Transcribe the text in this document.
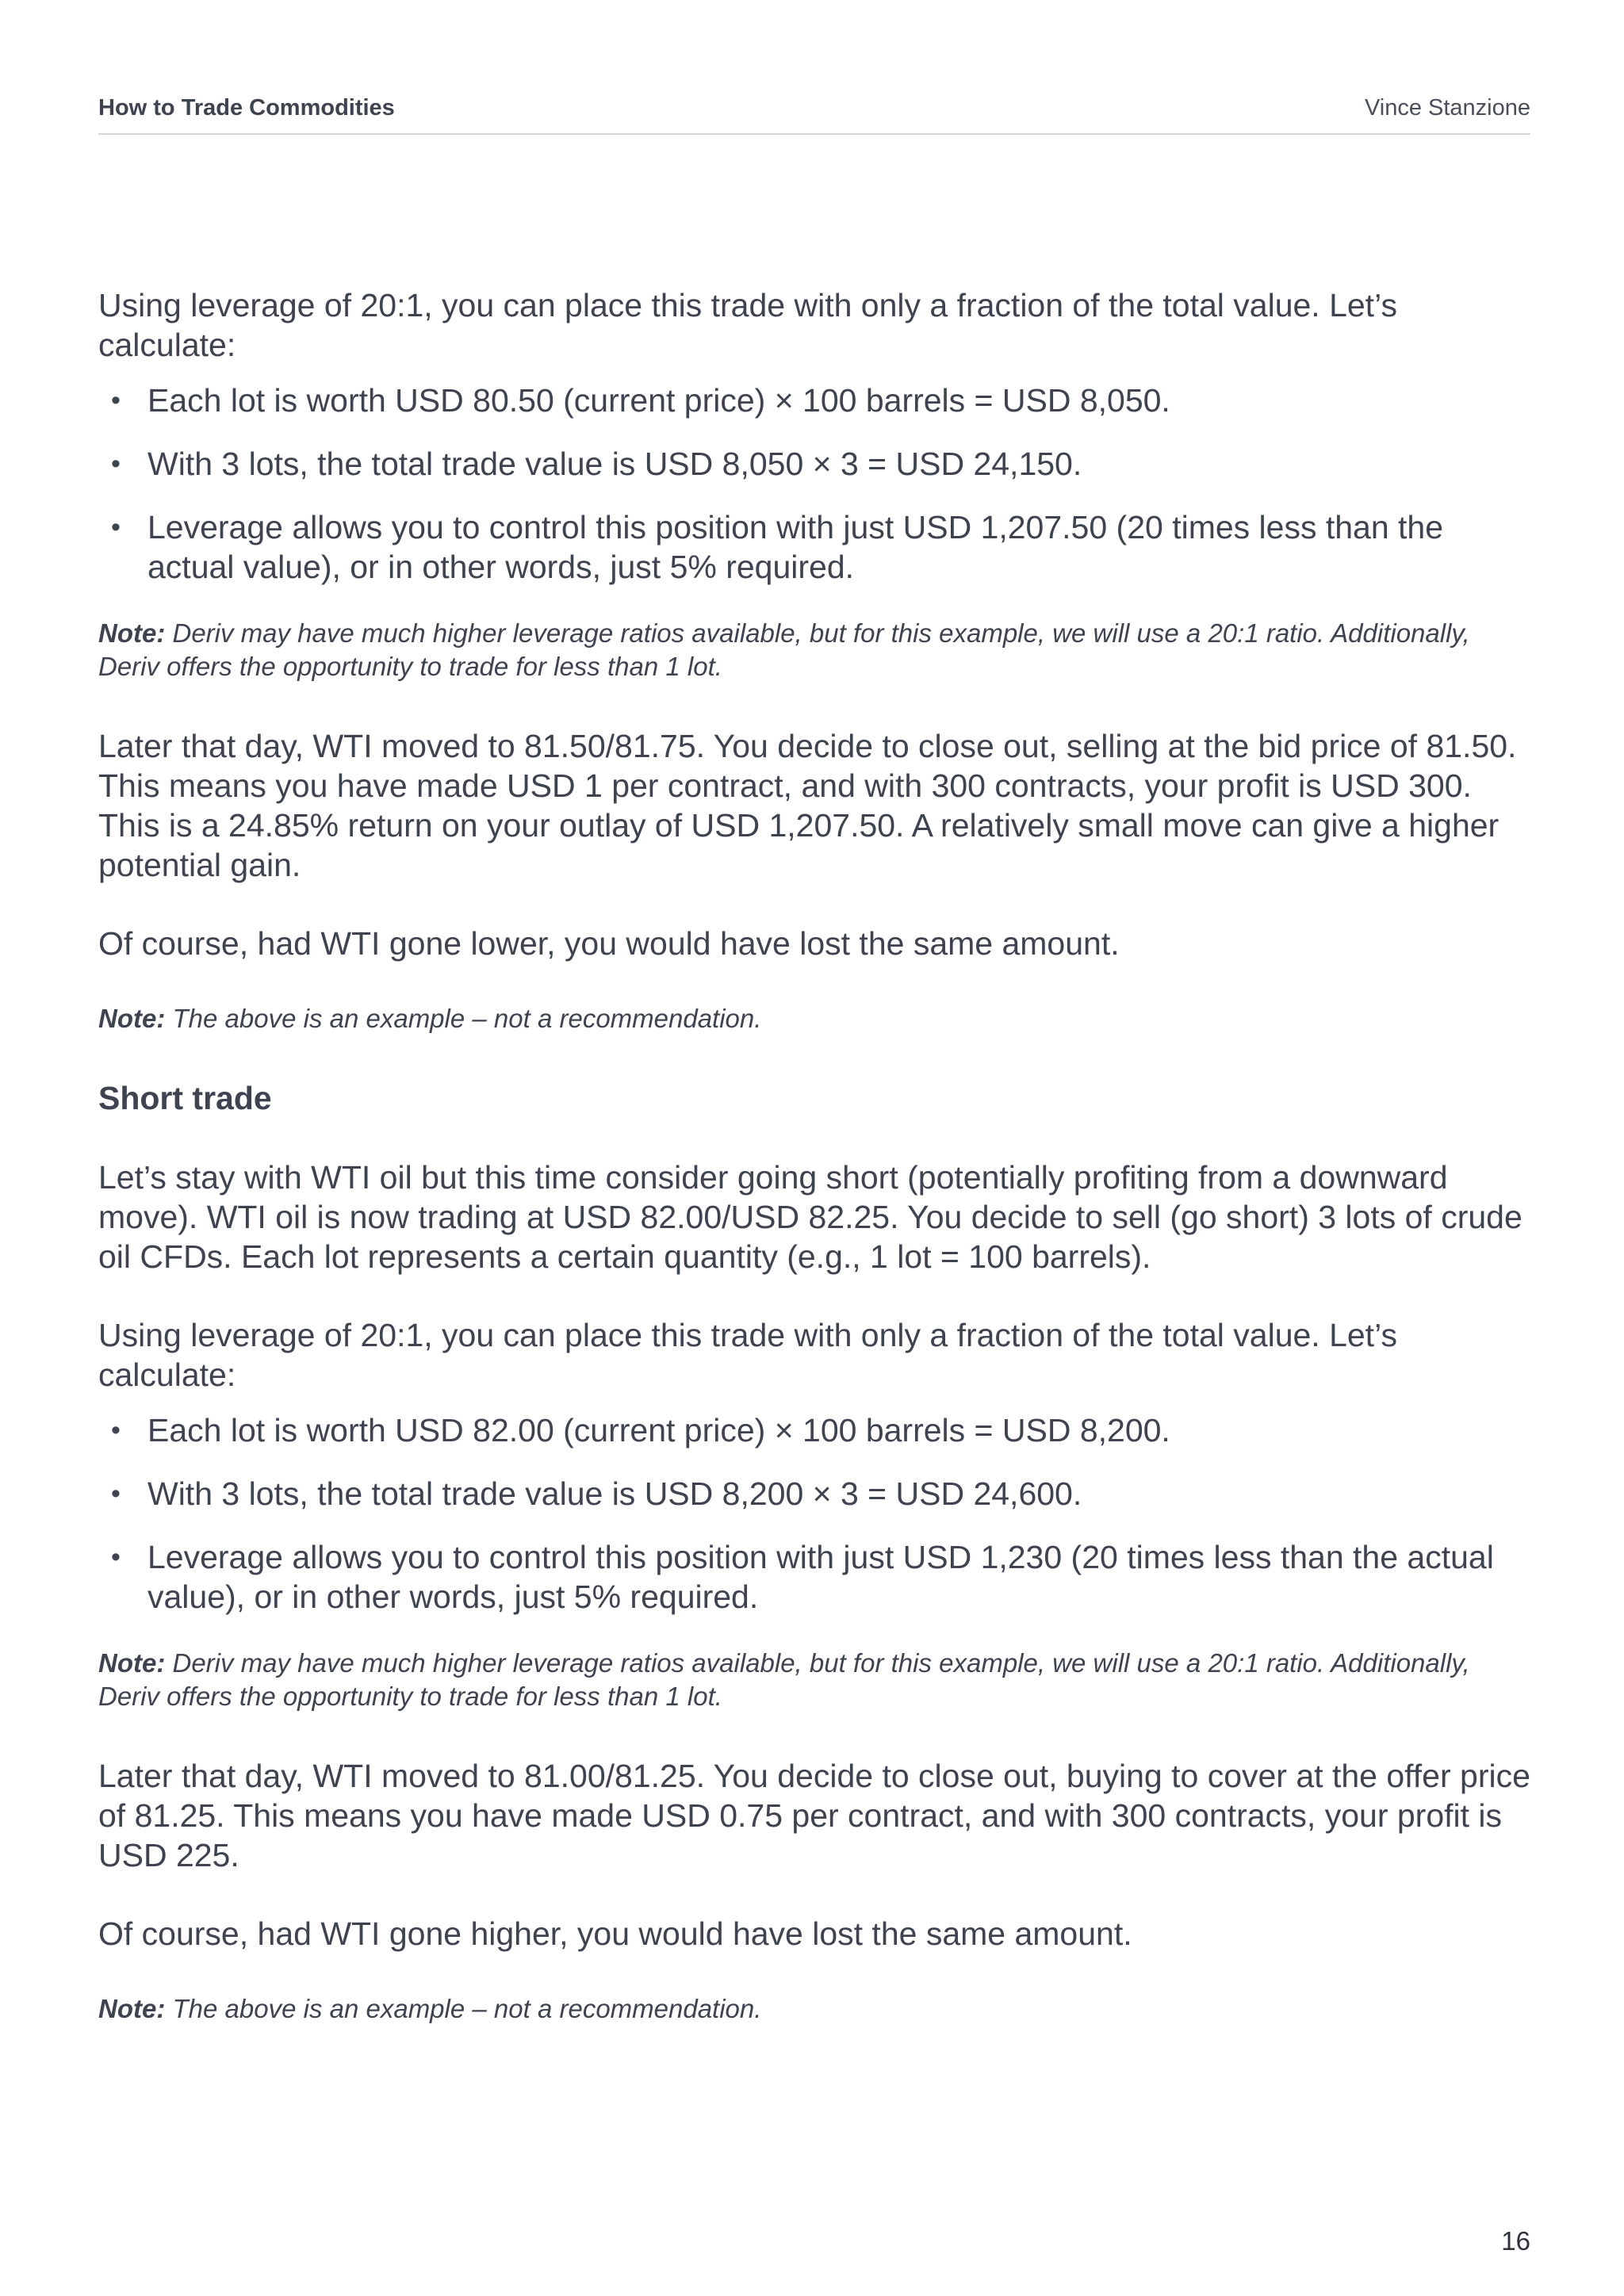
How to Trade Commodities	Vince Stanzione

Using leverage of 20:1, you can place this trade with only a fraction of the total value. Let’s calculate:

• Each lot is worth USD 80.50 (current price) × 100 barrels = USD 8,050.
• With 3 lots, the total trade value is USD 8,050 × 3 = USD 24,150.
• Leverage allows you to control this position with just USD 1,207.50 (20 times less than the actual value), or in other words, just 5% required.

Note: Deriv may have much higher leverage ratios available, but for this example, we will use a 20:1 ratio. Additionally, Deriv offers the opportunity to trade for less than 1 lot.

Later that day, WTI moved to 81.50/81.75. You decide to close out, selling at the bid price of 81.50. This means you have made USD 1 per contract, and with 300 contracts, your profit is USD 300. This is a 24.85% return on your outlay of USD 1,207.50. A relatively small move can give a higher potential gain.

Of course, had WTI gone lower, you would have lost the same amount.

Note: The above is an example – not a recommendation.

Short trade

Let’s stay with WTI oil but this time consider going short (potentially profiting from a downward move). WTI oil is now trading at USD 82.00/USD 82.25. You decide to sell (go short) 3 lots of crude oil CFDs. Each lot represents a certain quantity (e.g., 1 lot = 100 barrels).

Using leverage of 20:1, you can place this trade with only a fraction of the total value. Let’s calculate:

• Each lot is worth USD 82.00 (current price) × 100 barrels = USD 8,200.
• With 3 lots, the total trade value is USD 8,200 × 3 = USD 24,600.
• Leverage allows you to control this position with just USD 1,230 (20 times less than the actual value), or in other words, just 5% required.

Note: Deriv may have much higher leverage ratios available, but for this example, we will use a 20:1 ratio. Additionally, Deriv offers the opportunity to trade for less than 1 lot.

Later that day, WTI moved to 81.00/81.25. You decide to close out, buying to cover at the offer price of 81.25. This means you have made USD 0.75 per contract, and with 300 contracts, your profit is USD 225.

Of course, had WTI gone higher, you would have lost the same amount.

Note: The above is an example – not a recommendation.

16
